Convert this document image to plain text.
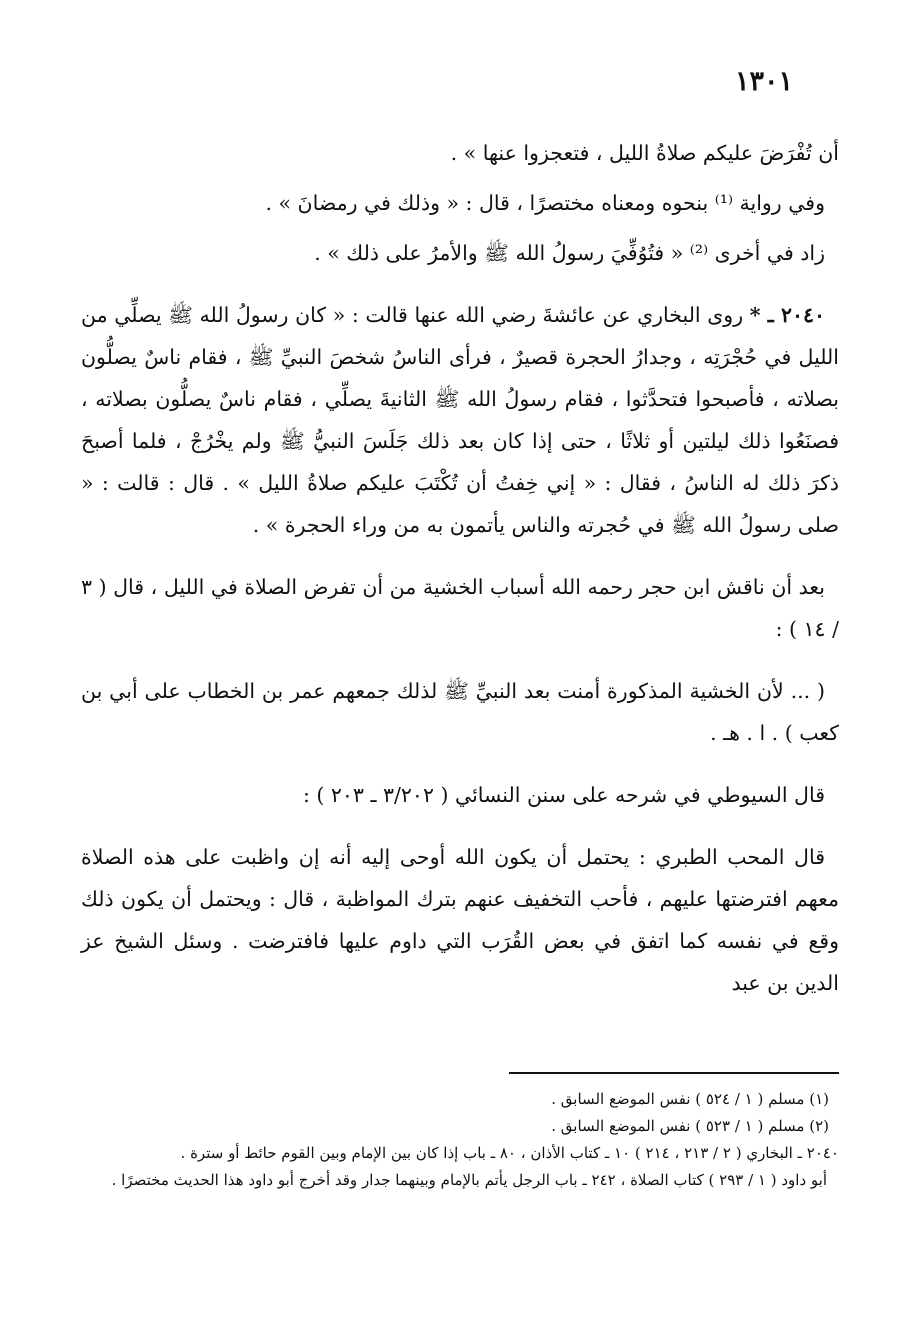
١٣٠١

أن تُفْرَضَ عليكم صلاةُ الليل ، فتعجزوا عنها » .

وفي رواية ⁽¹⁾ بنحوه ومعناه مختصرًا ، قال : « وذلك في رمضانَ » .

زاد في أخرى ⁽²⁾ « فتُوُفِّيَ رسولُ الله ﷺ والأمرُ على ذلك » .

٢٠٤٠ ـ * روى البخاري عن عائشةَ رضي الله عنها قالت : « كان رسولُ الله ﷺ يصلِّي من الليل في حُجْرَتِه ، وجدارُ الحجرة قصيرٌ ، فرأى الناسُ شخصَ النبيِّ ﷺ ، فقام ناسٌ يصلُّون بصلاته ، فأصبحوا فتحدَّثوا ، فقام رسولُ الله ﷺ الثانيةَ يصلِّي ، فقام ناسٌ يصلُّون بصلاته ، فصنَعُوا ذلك ليلتين أو ثلاثًا ، حتى إذا كان بعد ذلك جَلَسَ النبيُّ ﷺ ولم يخْرُجْ ، فلما أصبحَ ذكرَ ذلك له الناسُ ، فقال : « إني خِفتُ أن تُكْتَبَ عليكم صلاةُ الليل » . قال : قالت : « صلى رسولُ الله ﷺ في حُجرته والناس يأتمون به من وراء الحجرة » .

بعد أن ناقش ابن حجر رحمه الله أسباب الخشية من أن تفرض الصلاة في الليل ، قال ( ٣ / ١٤ ) :

( ... لأن الخشية المذكورة أمنت بعد النبيِّ ﷺ لذلك جمعهم عمر بن الخطاب على أبي بن كعب ) . ا . هـ .

قال السيوطي في شرحه على سنن النسائي ( ٣/٢٠٢ ـ ٢٠٣ ) :

قال المحب الطبري : يحتمل أن يكون الله أوحى إليه أنه إن واظبت على هذه الصلاة معهم افترضتها عليهم ، فأحب التخفيف عنهم بترك المواظبة ، قال : ويحتمل أن يكون ذلك وقع في نفسه كما اتفق في بعض القُرَب التي داوم عليها فافترضت . وسئل الشيخ عز الدين بن عبد

(١) مسلم ( ١ / ٥٢٤ ) نفس الموضع السابق .

(٢) مسلم ( ١ / ٥٢٣ ) نفس الموضع السابق .

٢٠٤٠ ـ البخاري ( ٢ / ٢١٣ ، ٢١٤ ) ١٠ ـ كتاب الأذان ، ٨٠ ـ باب إذا كان بين الإمام وبين القوم حائط أو سترة .

أبو داود ( ١ / ٢٩٣ ) كتاب الصلاة ، ٢٤٢ ـ باب الرجل يأتم بالإمام وبينهما جدار وقد أخرج أبو داود هذا الحديث مختصرًا .
